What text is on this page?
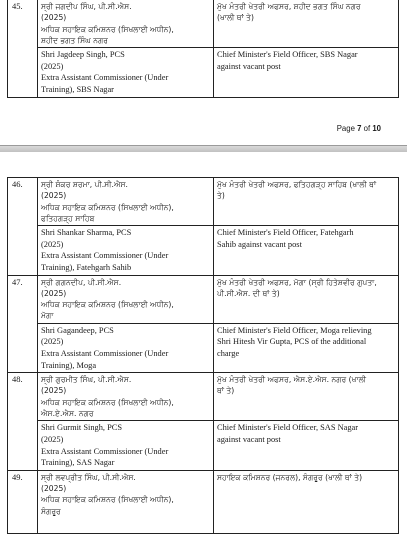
45.	ਸ੍ਰੀ ਜਗਦੀਪ ਸਿੰਘ, ਪੀ.ਸੀ.ਐਸ.
(2025)
ਅਧਿਕ ਸਹਾਇਕ ਕਮਿਸ਼ਨਰ (ਸਿਖਲਾਈ ਅਧੀਨ),
ਸ਼ਹੀਦ ਭਗਤ ਸਿੰਘ ਨਗਰ	ਮੁੱਖ ਮੰਤਰੀ ਖੇਤਰੀ ਅਫਸਰ, ਸ਼ਹੀਦ ਭਗਤ ਸਿੰਘ ਨਗਰ
(ਖਾਲੀ ਥਾਂ ਤੇ)

	Shri Jagdeep Singh, PCS
(2025)
Extra Assistant Commissioner (Under
Training), SBS Nagar	Chief Minister's Field Officer, SBS Nagar
against vacant post
Page 7 of 10
46.	ਸ੍ਰੀ ਸ਼ੰਕਰ ਸ਼ਰਮਾ, ਪੀ.ਸੀ.ਐਸ.
(2025)
ਅਧਿਕ ਸਹਾਇਕ ਕਮਿਸ਼ਨਰ (ਸਿਖਲਾਈ ਅਧੀਨ),
ਫਤਿਹਗੜ੍ਹ ਸਾਹਿਬ	ਮੁੱਖ ਮੰਤਰੀ ਖੇਤਰੀ ਅਫਸਰ, ਫਤਿਹਗੜ੍ਹ ਸਾਹਿਬ (ਖਾਲੀ ਥਾਂ
ਤੇ)

	Shri Shankar Sharma, PCS
(2025)
Extra Assistant Commissioner (Under
Training), Fatehgarh Sahib	Chief Minister's Field Officer, Fatehgarh
Sahib against vacant post

47.	ਸ੍ਰੀ ਗਗਨਦੀਪ, ਪੀ.ਸੀ.ਐਸ.
(2025)
ਅਧਿਕ ਸਹਾਇਕ ਕਮਿਸ਼ਨਰ (ਸਿਖਲਾਈ ਅਧੀਨ),
ਮੋਗਾ	ਮੁੱਖ ਮੰਤਰੀ ਖੇਤਰੀ ਅਫਸਰ, ਮੋਗਾ (ਸ੍ਰੀ ਹਿਤੇਸ਼ਵੀਰ ਗੁਪਤਾ,
ਪੀ.ਸੀ.ਐਸ. ਦੀ ਥਾਂ ਤੇ)

	Shri Gagandeep, PCS
(2025)
Extra Assistant Commissioner (Under
Training), Moga	Chief Minister's Field Officer, Moga relieving
Shri Hitesh Vir Gupta, PCS of the additional
charge

48.	ਸ੍ਰੀ ਗੁਰਮੀਤ ਸਿੰਘ, ਪੀ.ਸੀ.ਐਸ.
(2025)
ਅਧਿਕ ਸਹਾਇਕ ਕਮਿਸ਼ਨਰ (ਸਿਖਲਾਈ ਅਧੀਨ),
ਐਸ.ਏ.ਐਸ. ਨਗਰ	ਮੁੱਖ ਮੰਤਰੀ ਖੇਤਰੀ ਅਫਸਰ, ਐਸ.ਏ.ਐਸ. ਨਗਰ (ਖਾਲੀ
ਥਾਂ ਤੇ)

	Shri Gurmit Singh, PCS
(2025)
Extra Assistant Commissioner (Under
Training), SAS Nagar	Chief Minister's Field Officer, SAS Nagar
against vacant post

49.	ਸ੍ਰੀ ਲਵਪ੍ਰੀਤ ਸਿੰਘ, ਪੀ.ਸੀ.ਐਸ.
(2025)
ਅਧਿਕ ਸਹਾਇਕ ਕਮਿਸ਼ਨਰ (ਸਿਖਲਾਈ ਅਧੀਨ),
ਸੰਗਰੂਰ	ਸਹਾਇਕ ਕਮਿਸ਼ਨਰ (ਜਨਰਲ), ਸੰਗਰੂਰ (ਖਾਲੀ ਥਾਂ ਤੇ)
